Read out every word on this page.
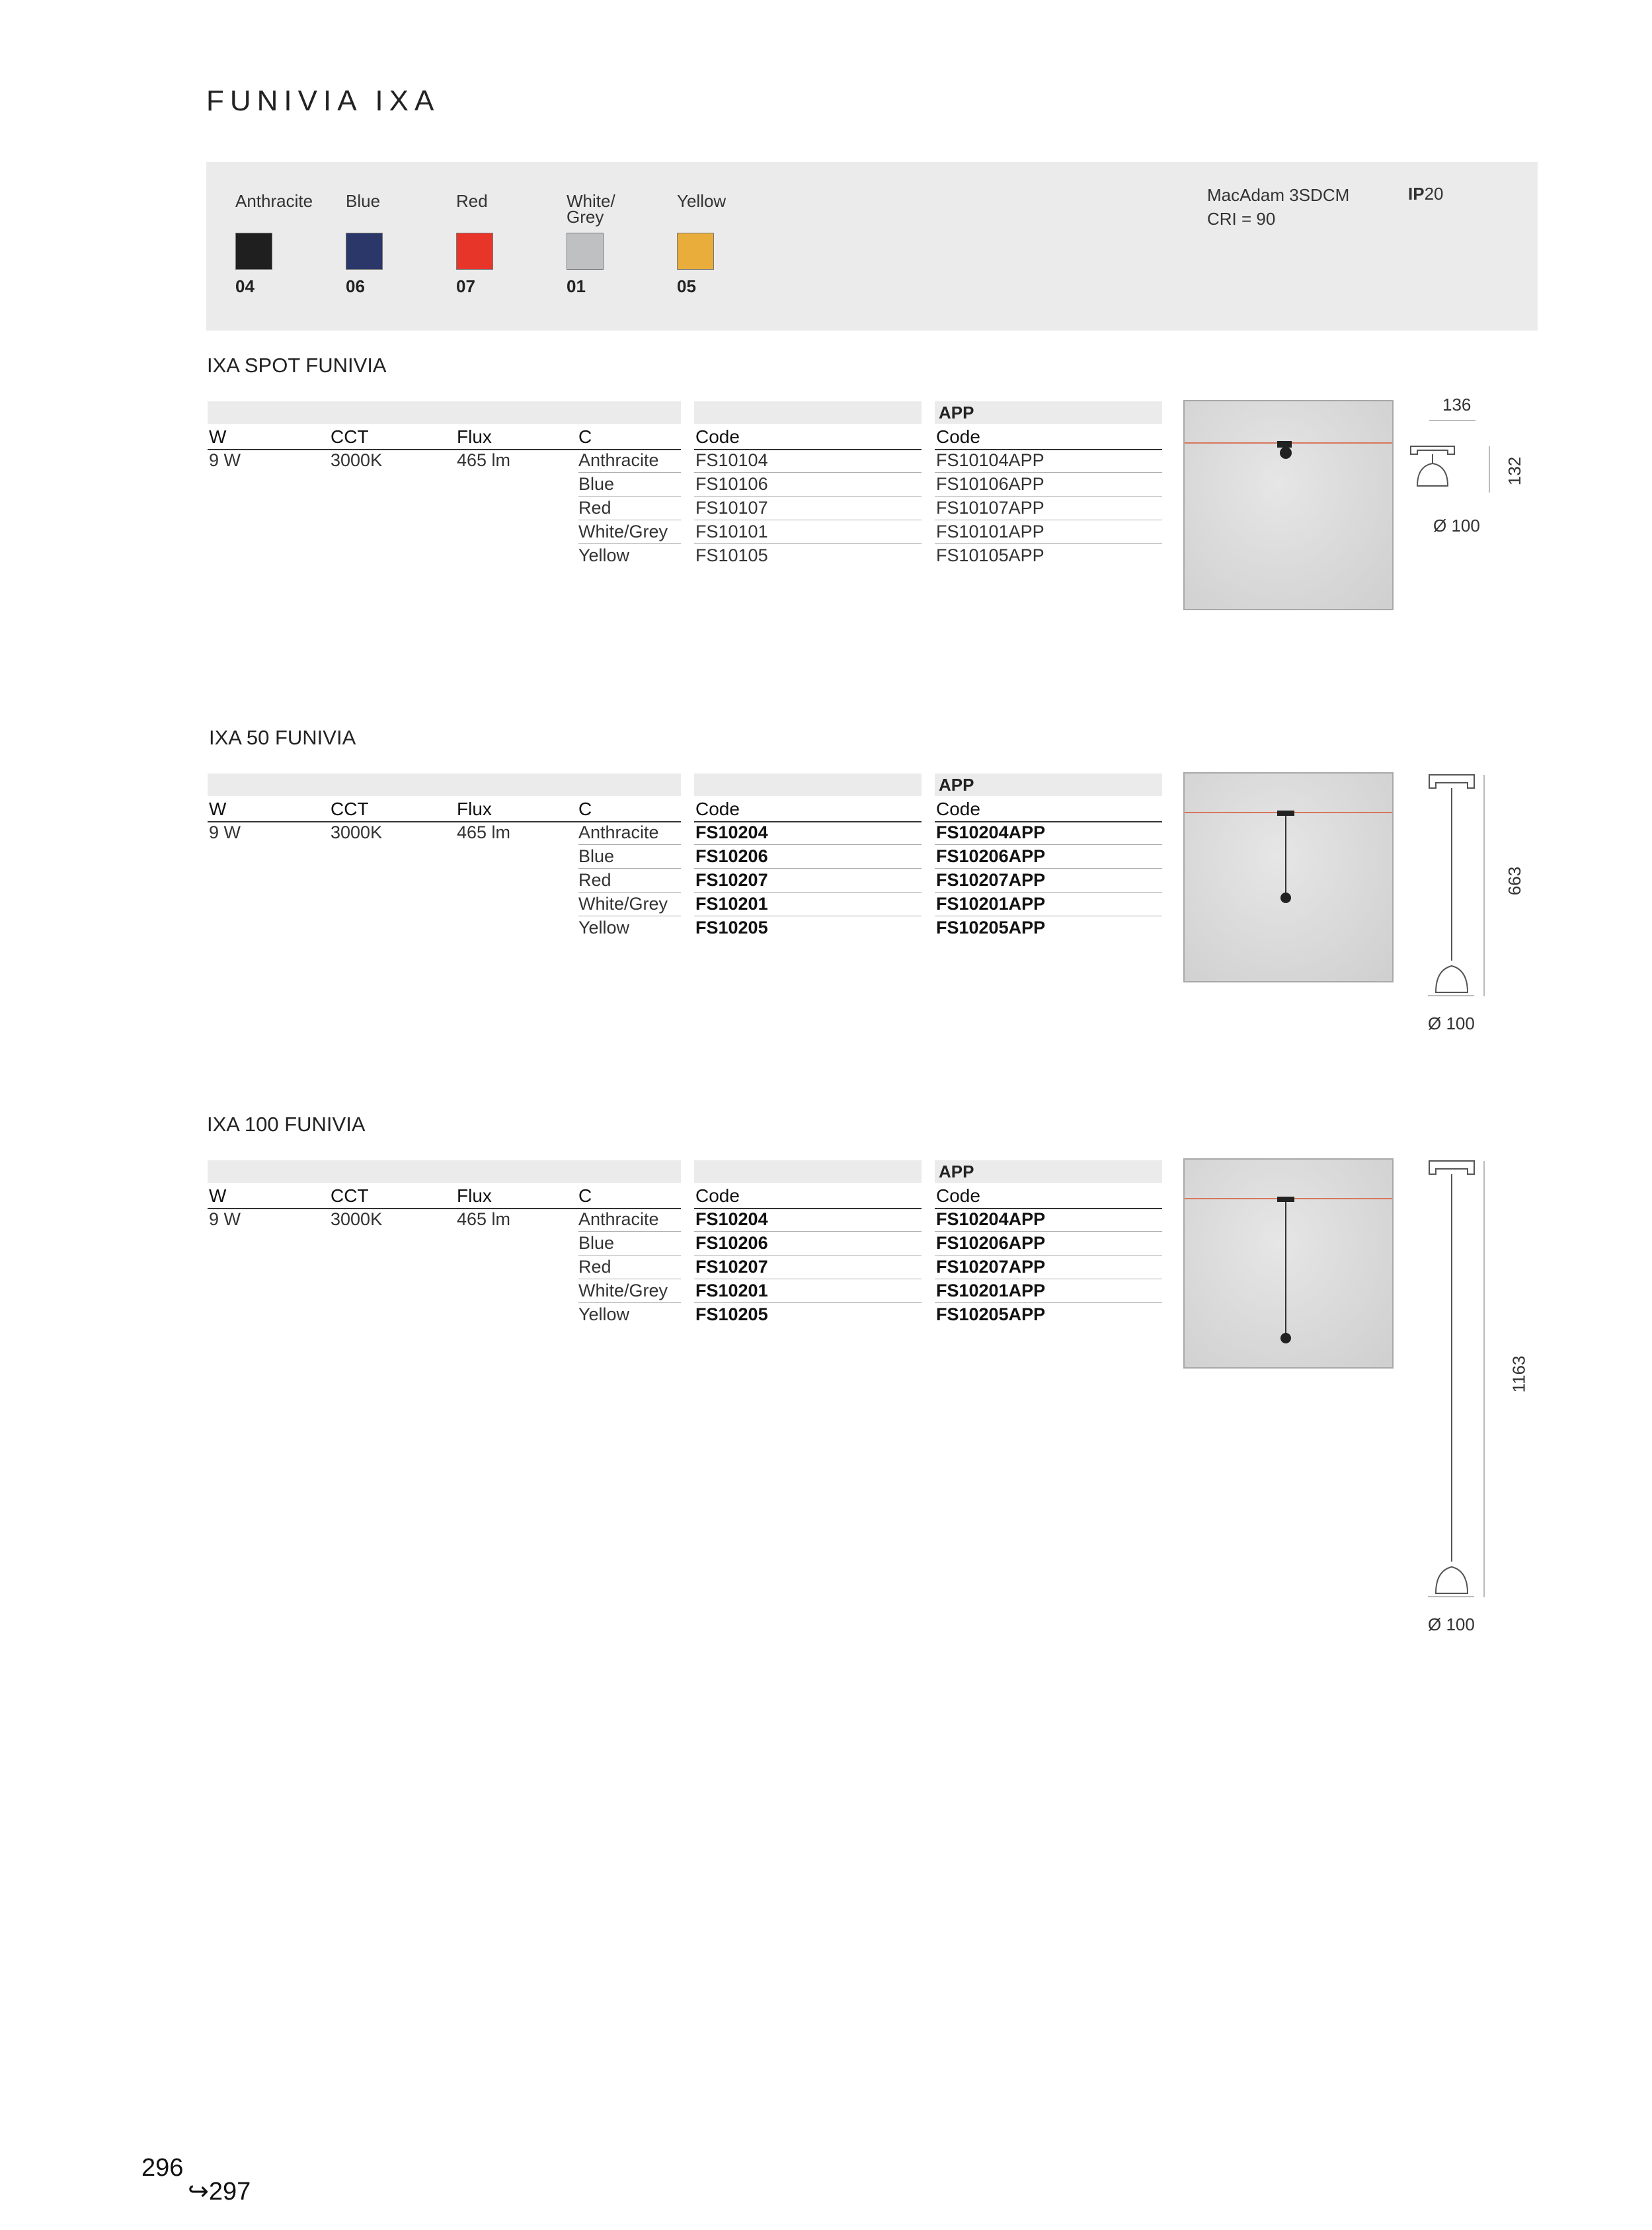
FUNIVIA IXA
Anthracite
04
Blue
06
Red
07
White/ Grey
01
Yellow
05
MacAdam 3SDCM
CRI = 90
IP20
IXA SPOT FUNIVIA
APP
W	CCT	Flux	C	Code	Code
9 W	3000K	465 lm	Anthracite FS10104	FS10104APP
Blue	FS10106	FS10106APP
Red	FS10107	FS10107APP
White/Grey FS10101	FS10101APP
Yellow	FS10105	FS10105APP
136
132
Ø 100
IXA 50 FUNIVIA
APP
W	CCT	Flux	C	Code	Code
9 W	3000K	465 lm	Anthracite FS10204	FS10204APP
Blue	FS10206	FS10206APP
Red	FS10207	FS10207APP
White/Grey FS10201	FS10201APP
Yellow	FS10205	FS10205APP
663
Ø 100
IXA 100 FUNIVIA
APP
W	CCT	Flux	C	Code	Code
9 W	3000K	465 lm	Anthracite FS10204	FS10204APP
Blue	FS10206	FS10206APP
Red	FS10207	FS10207APP
White/Grey FS10201	FS10201APP
Yellow	FS10205	FS10205APP
1163
Ø 100
296
↪297
